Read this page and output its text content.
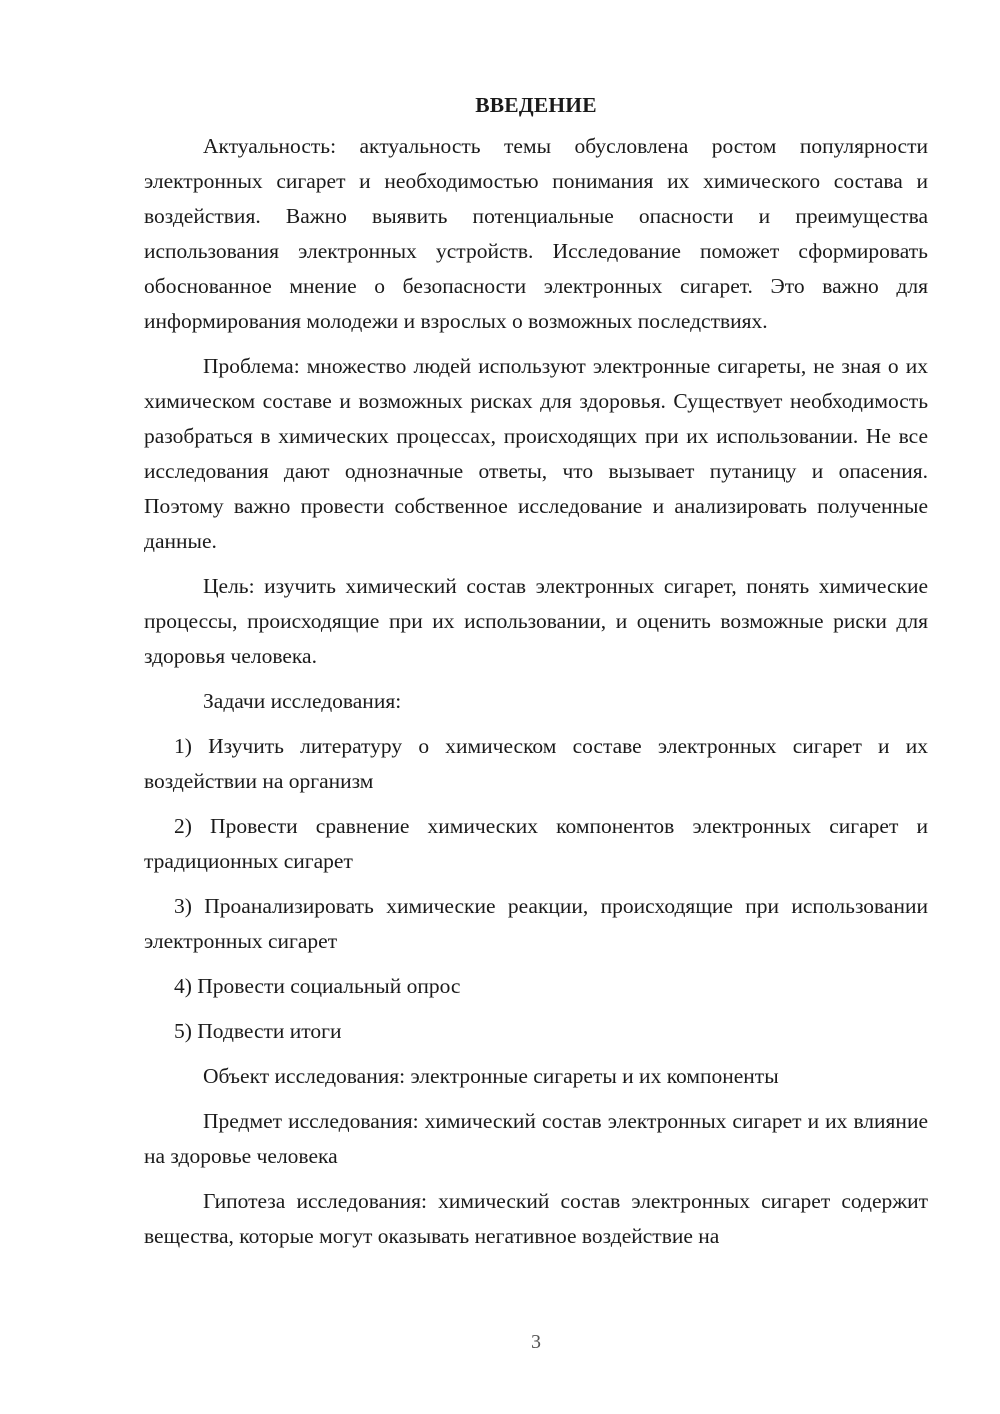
ВВЕДЕНИЕ

Актуальность: актуальность темы обусловлена ростом популярности электронных сигарет и необходимостью понимания их химического состава и воздействия. Важно выявить потенциальные опасности и преимущества использования электронных устройств. Исследование поможет сформировать обоснованное мнение о безопасности электронных сигарет. Это важно для информирования молодежи и взрослых о возможных последствиях.

Проблема: множество людей используют электронные сигареты, не зная о их химическом составе и возможных рисках для здоровья. Существует необходимость разобраться в химических процессах, происходящих при их использовании. Не все исследования дают однозначные ответы, что вызывает путаницу и опасения. Поэтому важно провести собственное исследование и анализировать полученные данные.

Цель: изучить химический состав электронных сигарет, понять химические процессы, происходящие при их использовании, и оценить возможные риски для здоровья человека.

Задачи исследования:

1) Изучить литературу о химическом составе электронных сигарет и их воздействии на организм

2) Провести сравнение химических компонентов электронных сигарет и традиционных сигарет

3) Проанализировать химические реакции, происходящие при использовании электронных сигарет

4) Провести социальный опрос

5) Подвести итоги

Объект исследования: электронные сигареты и их компоненты

Предмет исследования: химический состав электронных сигарет и их влияние на здоровье человека

Гипотеза исследования: химический состав электронных сигарет содержит вещества, которые могут оказывать негативное воздействие на

3
